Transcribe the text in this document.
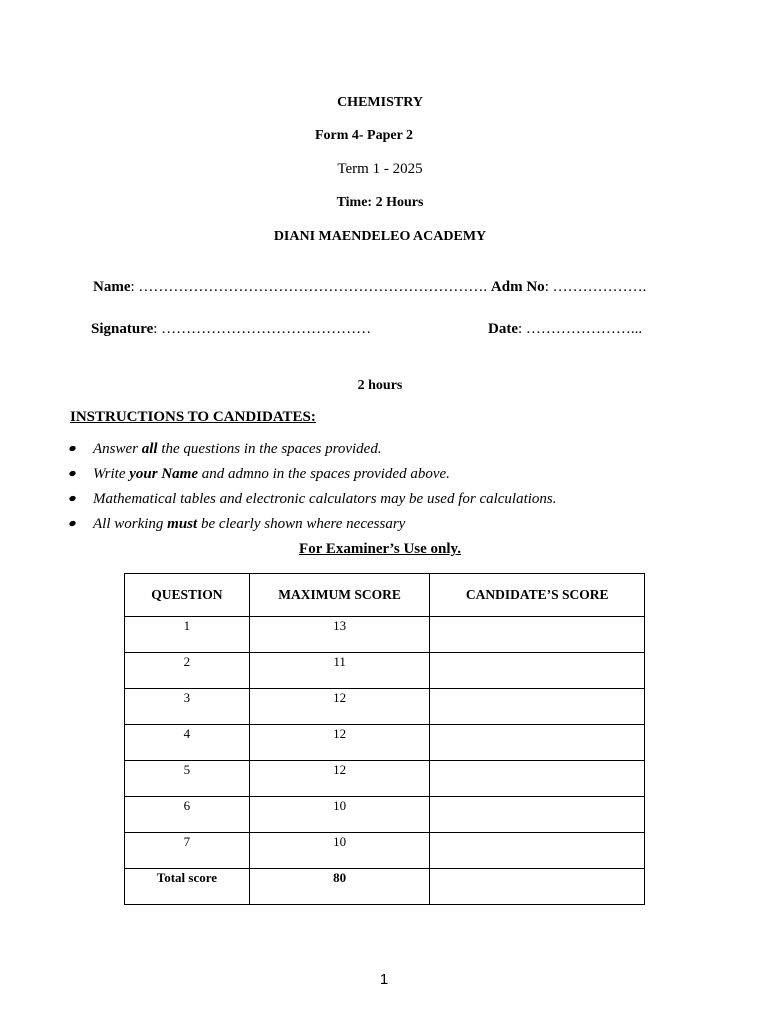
CHEMISTRY
Form 4- Paper 2
Term 1 - 2025
Time: 2 Hours
DIANI MAENDELEO ACADEMY
Name: ……………………………………………………………. Adm No: ……………….
Signature: ……………………………………	Date: …………………...
2 hours
INSTRUCTIONS TO CANDIDATES:
Answer all the questions in the spaces provided.
Write your Name and admno in the spaces provided above.
Mathematical tables and electronic calculators may be used for calculations.
All working must be clearly shown where necessary
For Examiner’s Use only.
QUESTION	MAXIMUM SCORE	CANDIDATE’S SCORE
1	13	
2	11	
3	12	
4	12	
5	12	
6	10	
7	10	
Total score	80	
1
